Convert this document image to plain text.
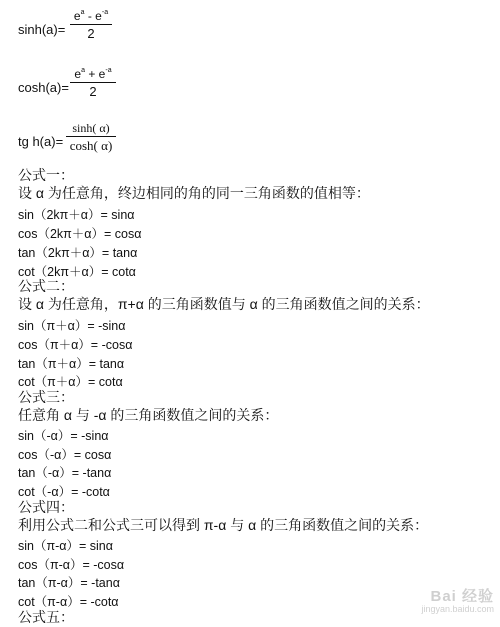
sinh(a)=
$e^a - e^{-a}$
2
cosh(a)=
$e^a + e^{-a}$
2
tg h(a)=
sinh( α)
cosh( α)
公式一：
设 α 为任意角，终边相同的角的同一三角函数的值相等：
sin（2kπ＋α）= sinα
cos（2kπ＋α）= cosα
tan（2kπ＋α）= tanα
cot（2kπ＋α）= cotα
公式二：
设 α 为任意角，π+α 的三角函数值与 α 的三角函数值之间的关系：
sin（π＋α）= -sinα
cos（π＋α）= -cosα
tan（π＋α）= tanα
cot（π＋α）= cotα
公式三：
任意角 α 与 -α 的三角函数值之间的关系：
sin（-α）= -sinα
cos（-α）= cosα
tan（-α）= -tanα
cot（-α）= -cotα
公式四：
利用公式二和公式三可以得到 π-α 与 α 的三角函数值之间的关系：
sin（π-α）= sinα
cos（π-α）= -cosα
tan（π-α）= -tanα
cot（π-α）= -cotα
公式五：
Bai 经验
jingyan.baidu.com
